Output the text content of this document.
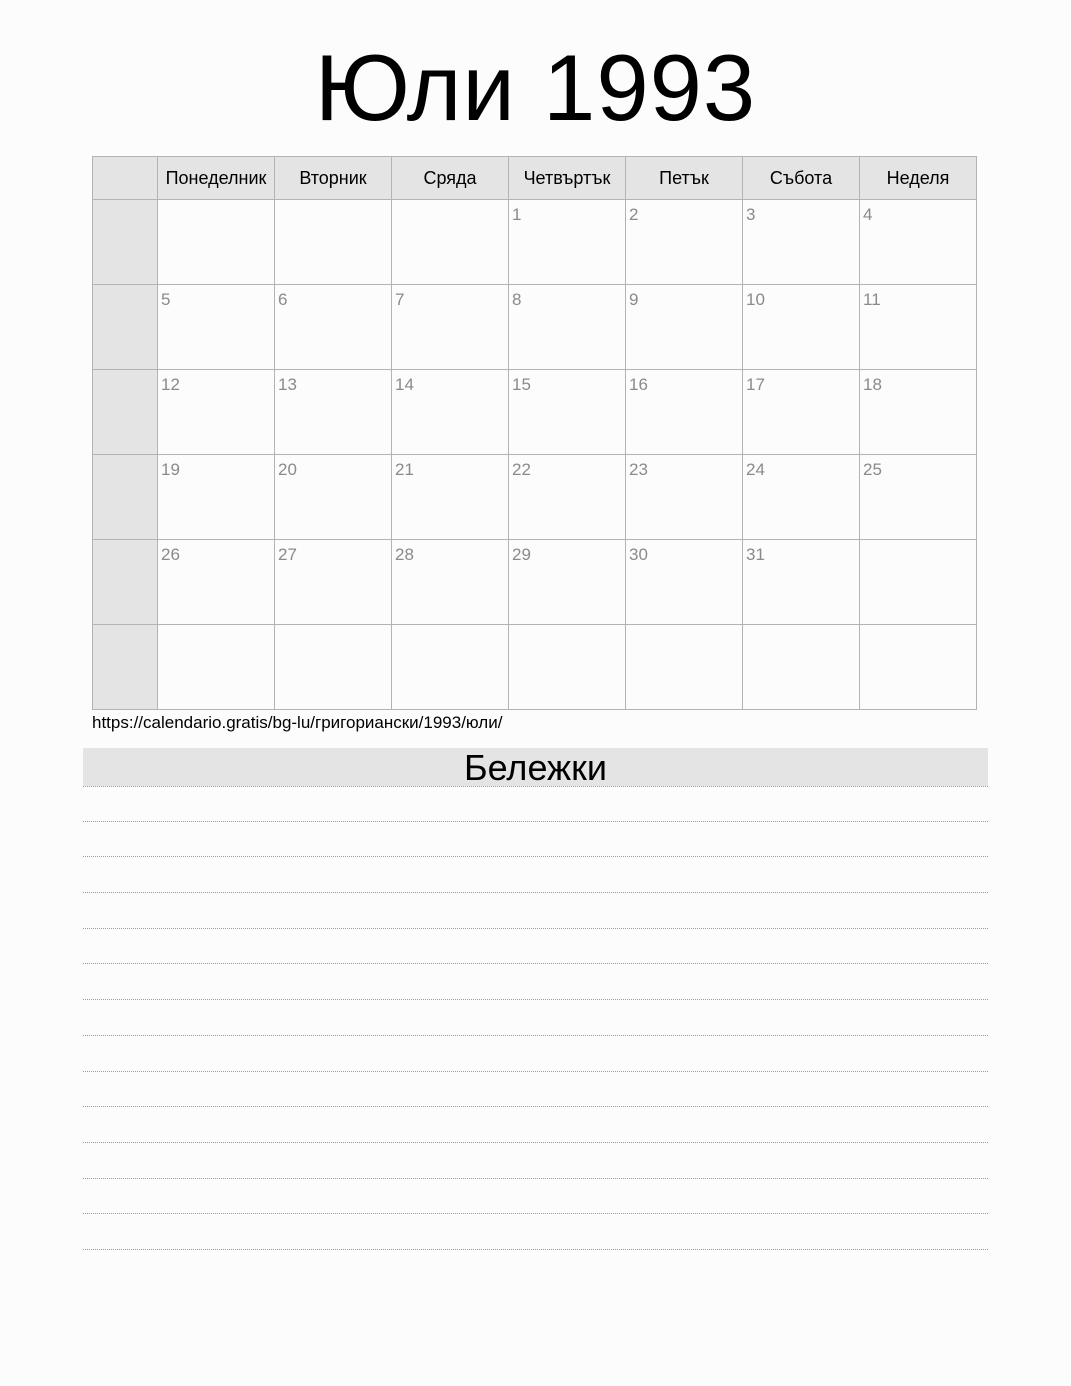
Юли 1993
	Понеделник	Вторник	Сряда	Четвъртък	Петък	Събота	Неделя

				1	2	3	4

	5	6	7	8	9	10	11

	12	13	14	15	16	17	18

	19	20	21	22	23	24	25

	26	27	28	29	30	31	

https://calendario.gratis/bg-lu/григориански/1993/юли/
Бележки
